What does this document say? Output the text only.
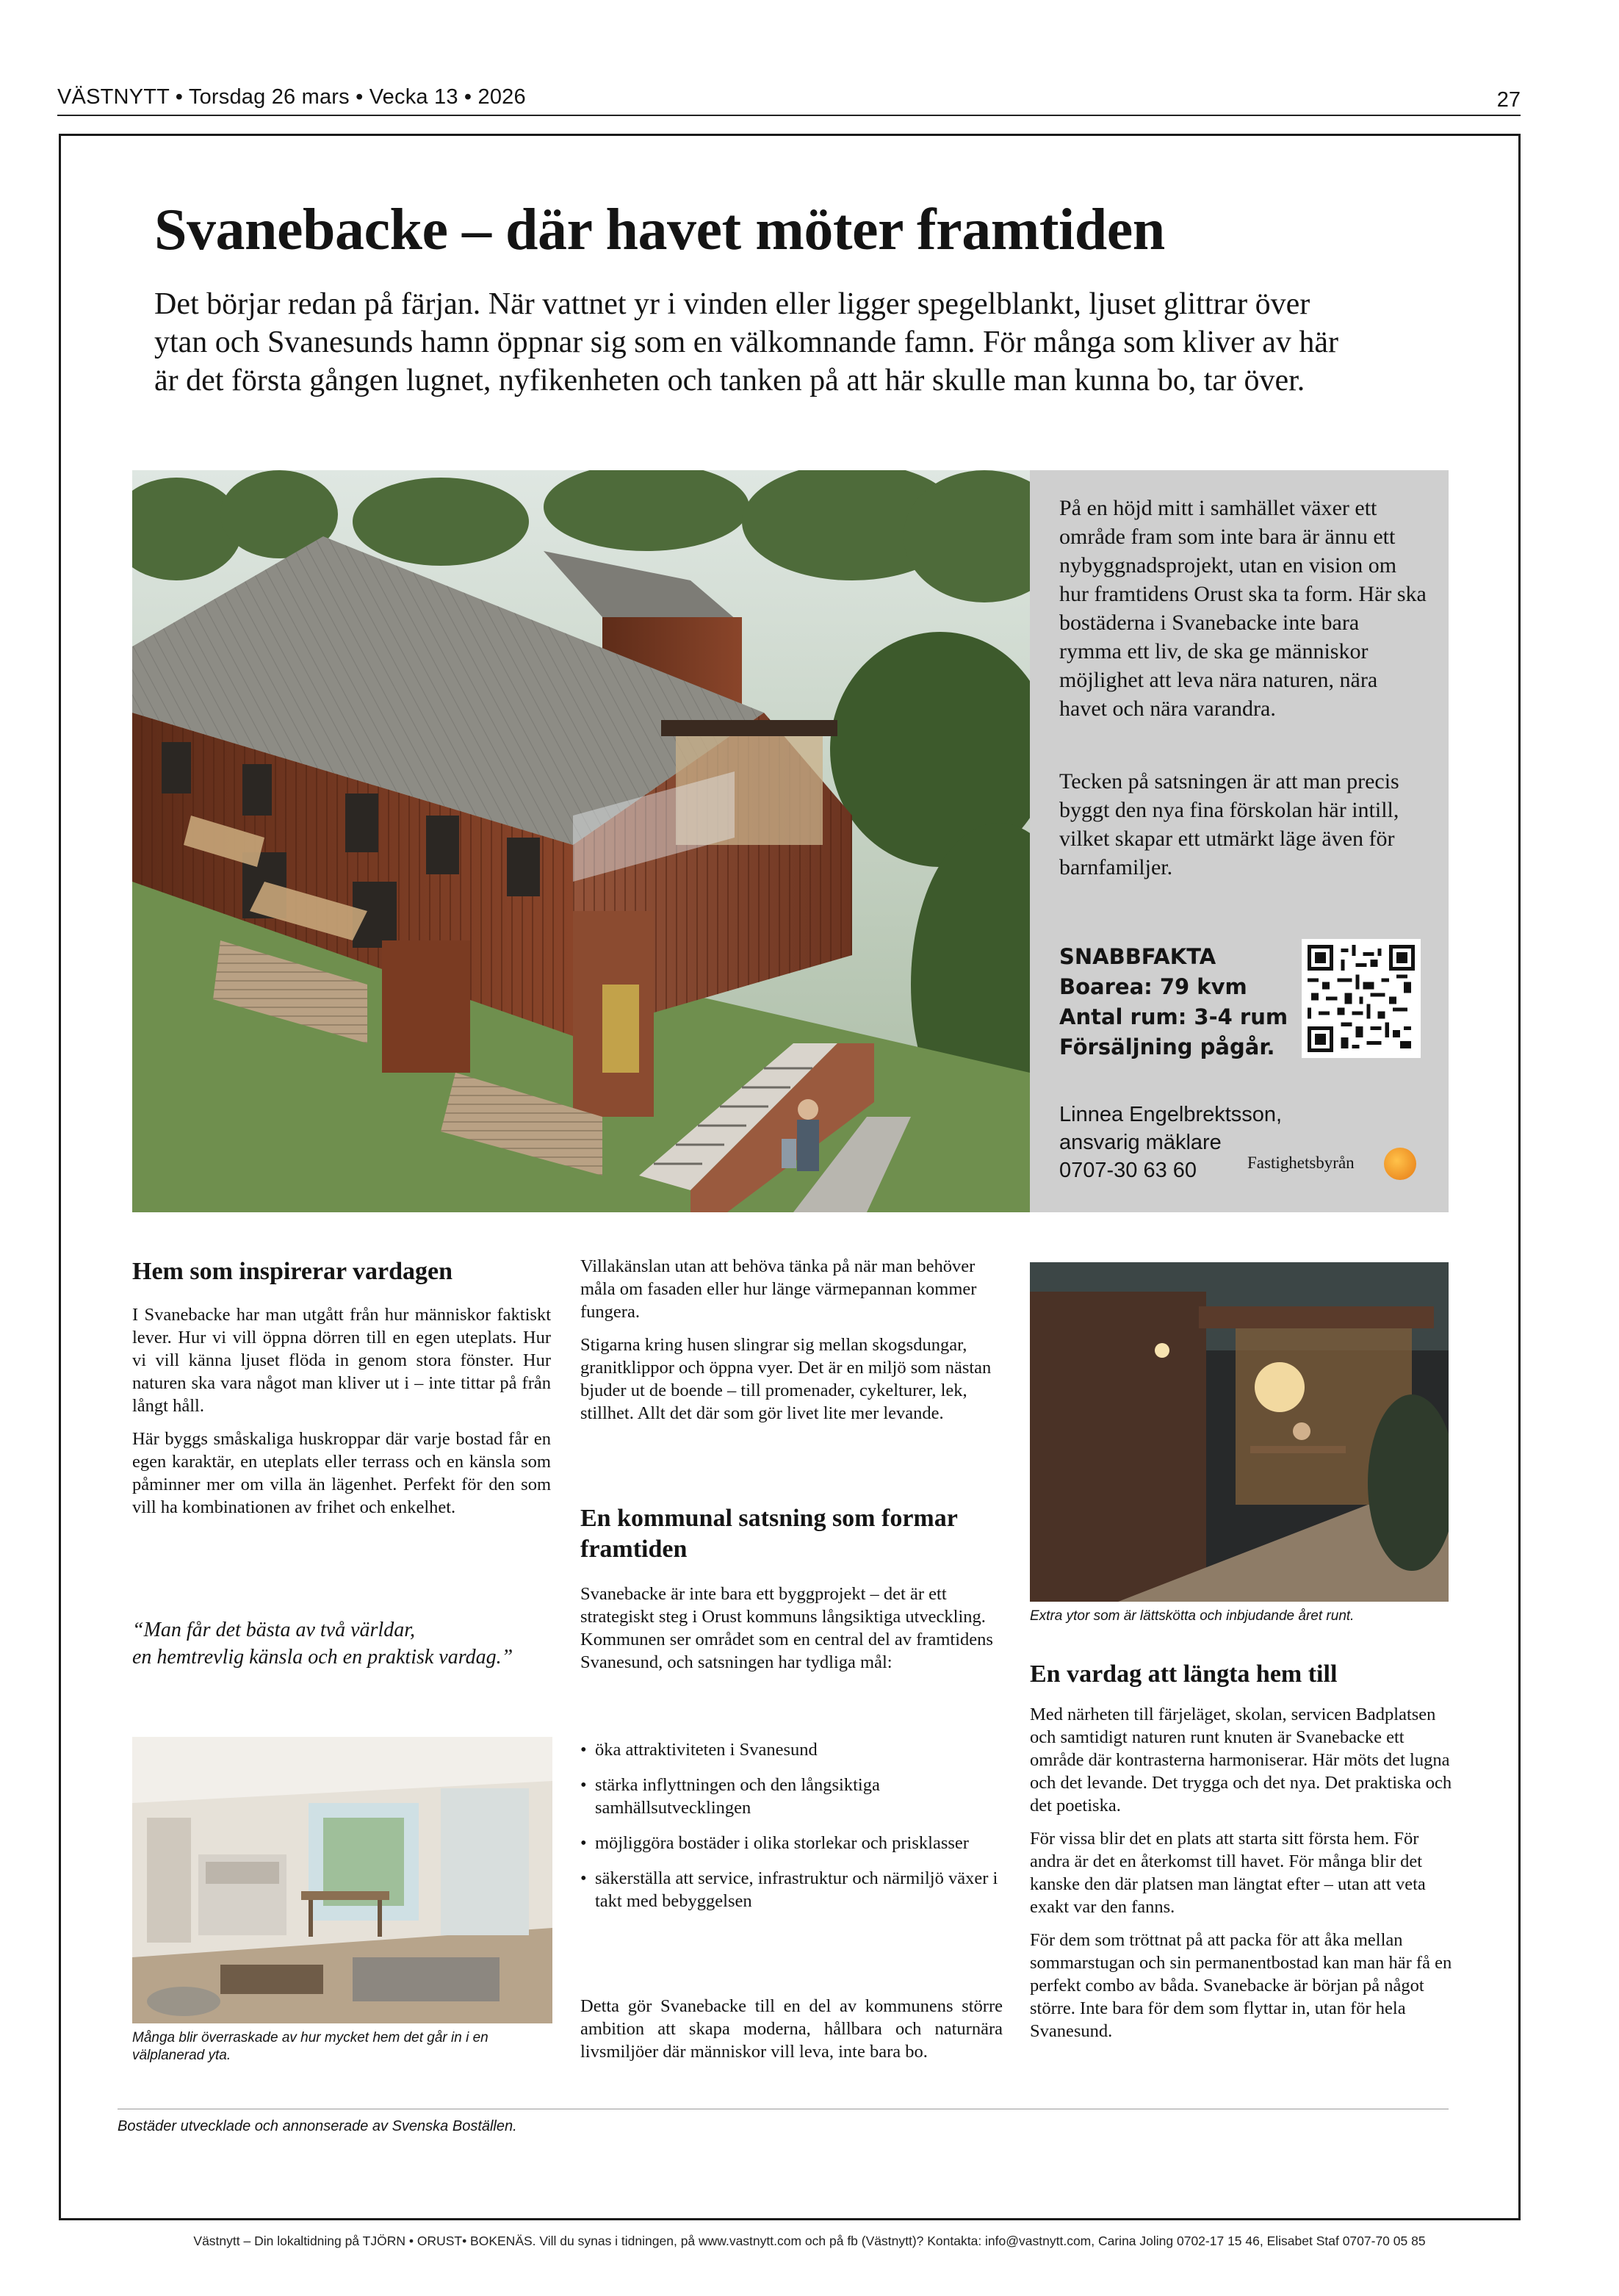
VÄSTNYTT • Torsdag 26 mars • Vecka 13 • 2026	27
Svanebacke – där havet möter framtiden

Det börjar redan på färjan. När vattnet yr i vinden eller ligger spegelblankt, ljuset glittrar över ytan och Svanesunds hamn öppnar sig som en välkomnande famn. För många som kliver av här är det första gången lugnet, nyfikenheten och tanken på att här skulle man kunna bo, tar över.

På en höjd mitt i samhället växer ett område fram som inte bara är ännu ett nybyggnadsprojekt, utan en vision om hur framtidens Orust ska ta form. Här ska bostäderna i Svanebacke inte bara rymma ett liv, de ska ge människor möjlighet att leva nära naturen, nära havet och nära varandra.

Tecken på satsningen är att man precis byggt den nya fina förskolan här intill, vilket skapar ett utmärkt läge även för barnfamiljer.

SNABBFAKTA
Boarea: 79 kvm
Antal rum: 3-4 rum
Försäljning pågår.
Linnea Engelbrektsson,
ansvarig mäklare
0707-30 63 60	Fastighetsbyrån
Hem som inspirerar vardagen

I Svanebacke har man utgått från hur människor faktiskt lever. Hur vi vill öppna dörren till en egen uteplats. Hur vi vill känna ljuset flöda in genom stora fönster. Hur naturen ska vara något man kliver ut i – inte tittar på från långt håll.

Här byggs småskaliga huskroppar där varje bostad får en egen karaktär, en uteplats eller terrass och en känsla som påminner mer om villa än lägenhet. Perfekt för den som vill ha kombinationen av frihet och enkelhet.

“Man får det bästa av två världar,
en hemtrevlig känsla och en praktisk vardag.”
Många blir överraskade av hur mycket hem det går in i en välplanerad yta.

Villakänslan utan att behöva tänka på när man behöver måla om fasaden eller hur länge värmepannan kommer fungera.

Stigarna kring husen slingrar sig mellan skogsdungar, granitklippor och öppna vyer. Det är en miljö som nästan bjuder ut de boende – till promenader, cykelturer, lek, stillhet. Allt det där som gör livet lite mer levande.

En kommunal satsning som formar framtiden

Svanebacke är inte bara ett byggprojekt – det är ett strategiskt steg i Orust kommuns långsiktiga utveckling. Kommunen ser området som en central del av framtidens Svanesund, och satsningen har tydliga mål:

• öka attraktiviteten i Svanesund
• stärka inflyttningen och den långsiktiga samhällsutvecklingen
• möjliggöra bostäder i olika storlekar och prisklasser
• säkerställa att service, infrastruktur och närmiljö växer i takt med bebyggelsen

Detta gör Svanebacke till en del av kommunens större ambition att skapa moderna, hållbara och naturnära livsmiljöer där människor vill leva, inte bara bo.

Extra ytor som är lättskötta och inbjudande året runt.
En vardag att längta hem till

Med närheten till färjeläget, skolan, servicen Badplatsen och samtidigt naturen runt knuten är Svanebacke ett område där kontrasterna harmoniserar. Här möts det lugna och det levande. Det trygga och det nya. Det praktiska och det poetiska.

För vissa blir det en plats att starta sitt första hem. För andra är det en återkomst till havet. För många blir det kanske den där platsen man längtat efter – utan att veta exakt var den fanns.

För dem som tröttnat på att packa för att åka mellan sommarstugan och sin permanentbostad kan man här få en perfekt combo av båda. Svanebacke är början på något större. Inte bara för dem som flyttar in, utan för hela Svanesund.

Bostäder utvecklade och annonserade av Svenska Boställen.
Västnytt – Din lokaltidning på TJÖRN • ORUST• BOKENÄS. Vill du synas i tidningen, på www.vastnytt.com och på fb (Västnytt)? Kontakta: info@vastnytt.com, Carina Joling 0702-17 15 46, Elisabet Staf 0707-70 05 85
